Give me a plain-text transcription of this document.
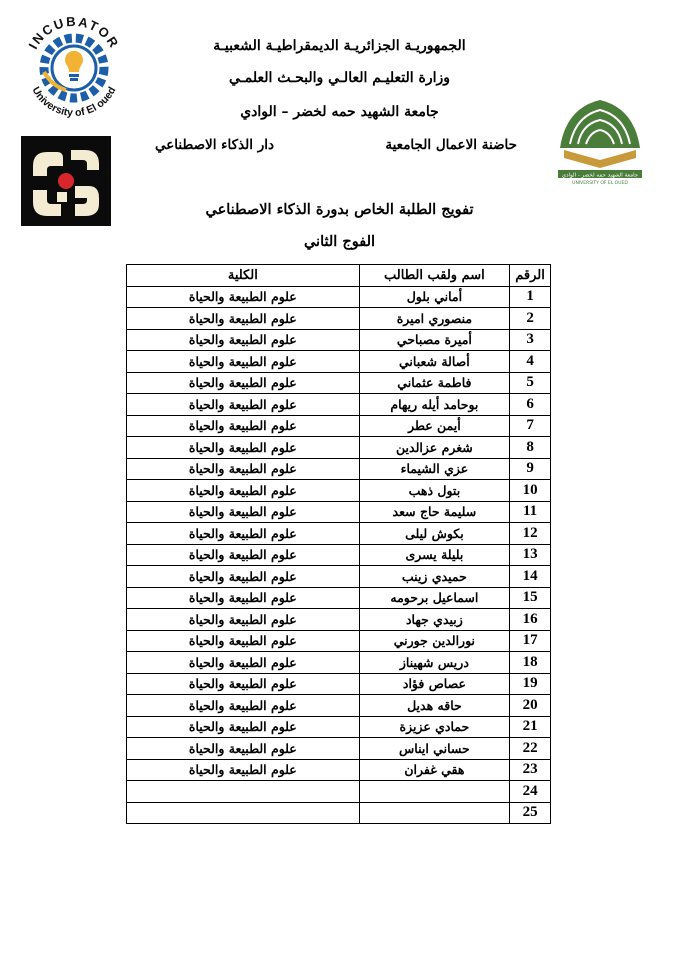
INCUBATOR
University of El oued
جامعة الشهيد حمه لخضر - الوادي
UNIVERSITY OF EL OUED
الجمهوريـة الجزائريـة الديمقراطيـة الشعبيـة
وزارة التعليـم العالـي والبحـث العلمـي
جامعة الشهيد حمه لخضر – الوادي
حاضنة الاعمال الجامعية
دار الذكاء الاصطناعي
تفويج الطلبة الخاص بدورة الذكاء الاصطناعي
الفوج الثاني
الرقم	اسم ولقب الطالب	الكلية
1	أماني بلول	علوم الطبيعة والحياة
2	منصوري اميرة	علوم الطبيعة والحياة
3	أميرة مصباحي	علوم الطبيعة والحياة
4	أصالة شعباني	علوم الطبيعة والحياة
5	فاطمة عثماني	علوم الطبيعة والحياة
6	بوحامد أيله ريهام	علوم الطبيعة والحياة
7	أيمن عطر	علوم الطبيعة والحياة
8	شغرم عزالدين	علوم الطبيعة والحياة
9	عزي الشيماء	علوم الطبيعة والحياة
10	بتول ذهب	علوم الطبيعة والحياة
11	سليمة حاج سعد	علوم الطبيعة والحياة
12	بكوش ليلى	علوم الطبيعة والحياة
13	بليلة يسرى	علوم الطبيعة والحياة
14	حميدي زينب	علوم الطبيعة والحياة
15	اسماعيل برحومه	علوم الطبيعة والحياة
16	زبيدي جهاد	علوم الطبيعة والحياة
17	نورالدين جورني	علوم الطبيعة والحياة
18	دريس شهيناز	علوم الطبيعة والحياة
19	عصاص فؤاد	علوم الطبيعة والحياة
20	حاقه هديل	علوم الطبيعة والحياة
21	حمادي عزيزة	علوم الطبيعة والحياة
22	حساني ايناس	علوم الطبيعة والحياة
23	هقي غفران	علوم الطبيعة والحياة
24		
25		
